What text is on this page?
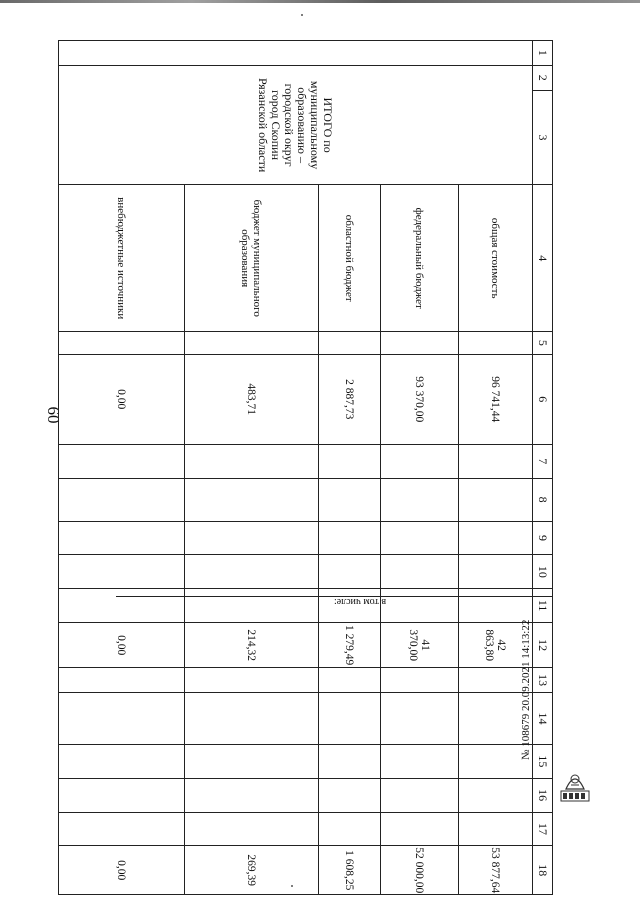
60
1	2	3	4	5	6	7	8	9	10	11	12	13	14	15	16	17	18
	ИТОГО по муниципальному образованию – городской округ город Скопин Рязанской области		общая стоимость		96 741,44						42 863,80						53 877,64
			федеральный бюджет		93 370,00						41 370,00						52 000,00
			областной бюджет		2 887,73						1 279,49						1 608,25
			бюджет муниципального образования		483,71						214,32						269,39
			внебюджетные источники		0,00						0,00						0,00
в том числе:
№ 108679 20.09.2021 14:13:22
